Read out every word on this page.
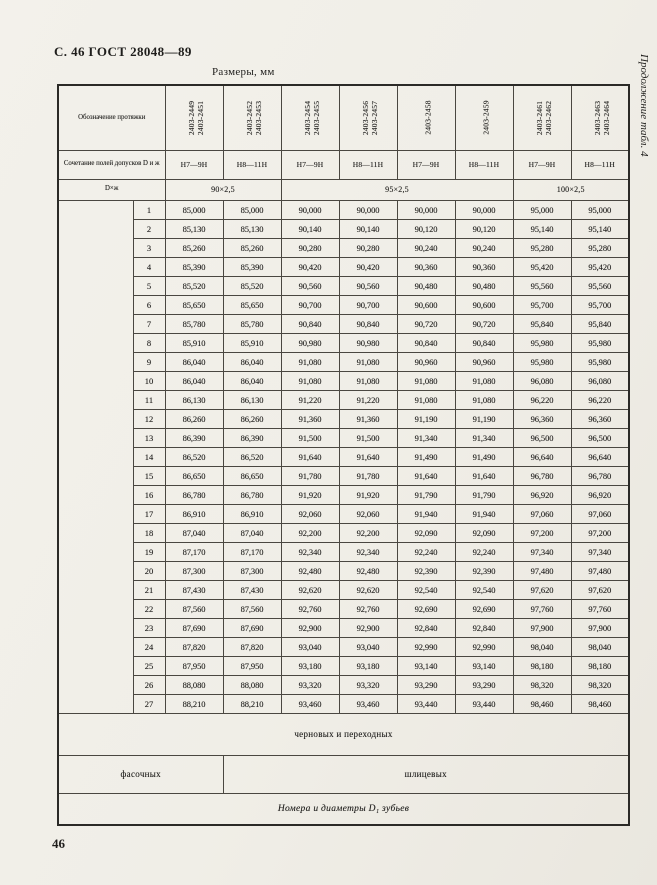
С. 46 ГОСТ 28048—89
Размеры, мм	Продолжение табл. 4
Обозначение протяжки	2403-2449 2403-2451	2403-2452 2403-2453	2403-2454 2403-2455	2403-2456 2403-2457	2403-2458	2403-2459	2403-2461 2403-2462	2403-2463 2403-2464

Сочетание полей допусков D и ж		Н7—9Н	Н8—11Н	Н7—9Н	Н8—11Н	Н7—9Н	Н8—11Н	Н7—9Н	Н8—11Н

D×ж		90×2,5		95×2,5				100×2,5	
	1	85,000	85,000	90,000	90,000	90,000	90,000	95,000	95,000
	2	85,130	85,130	90,140	90,140	90,120	90,120	95,140	95,140
	3	85,260	85,260	90,280	90,280	90,240	90,240	95,280	95,280
	4	85,390	85,390	90,420	90,420	90,360	90,360	95,420	95,420
	5	85,520	85,520	90,560	90,560	90,480	90,480	95,560	95,560
	6	85,650	85,650	90,700	90,700	90,600	90,600	95,700	95,700
	7	85,780	85,780	90,840	90,840	90,720	90,720	95,840	95,840
	8	85,910	85,910	90,980	90,980	90,840	90,840	95,980	95,980
	9	86,040	86,040	91,080	91,080	90,960	90,960	95,980	95,980
	10	86,040	86,040	91,080	91,080	91,080	91,080	96,080	96,080
	11	86,130	86,130	91,220	91,220	91,080	91,080	96,220	96,220
	12	86,260	86,260	91,360	91,360	91,190	91,190	96,360	96,360
	13	86,390	86,390	91,500	91,500	91,340	91,340	96,500	96,500
	14	86,520	86,520	91,640	91,640	91,490	91,490	96,640	96,640
	15	86,650	86,650	91,780	91,780	91,640	91,640	96,780	96,780
	16	86,780	86,780	91,920	91,920	91,790	91,790	96,920	96,920
	17	86,910	86,910	92,060	92,060	91,940	91,940	97,060	97,060
	18	87,040	87,040	92,200	92,200	92,090	92,090	97,200	97,200
	19	87,170	87,170	92,340	92,340	92,240	92,240	97,340	97,340
	20	87,300	87,300	92,480	92,480	92,390	92,390	97,480	97,480
	21	87,430	87,430	92,620	92,620	92,540	92,540	97,620	97,620
	22	87,560	87,560	92,760	92,760	92,690	92,690	97,760	97,760
	23	87,690	87,690	92,900	92,900	92,840	92,840	97,900	97,900
	24	87,820	87,820	93,040	93,040	92,990	92,990	98,040	98,040
	25	87,950	87,950	93,180	93,180	93,140	93,140	98,180	98,180
	26	88,080	88,080	93,320	93,320	93,290	93,290	98,320	98,320
	27	88,210	88,210	93,460	93,460	93,440	93,440	98,460	98,460
черновых и переходных									
фасочных			шлицевых						
Номера и диаметры D₁ зубьев									
46
